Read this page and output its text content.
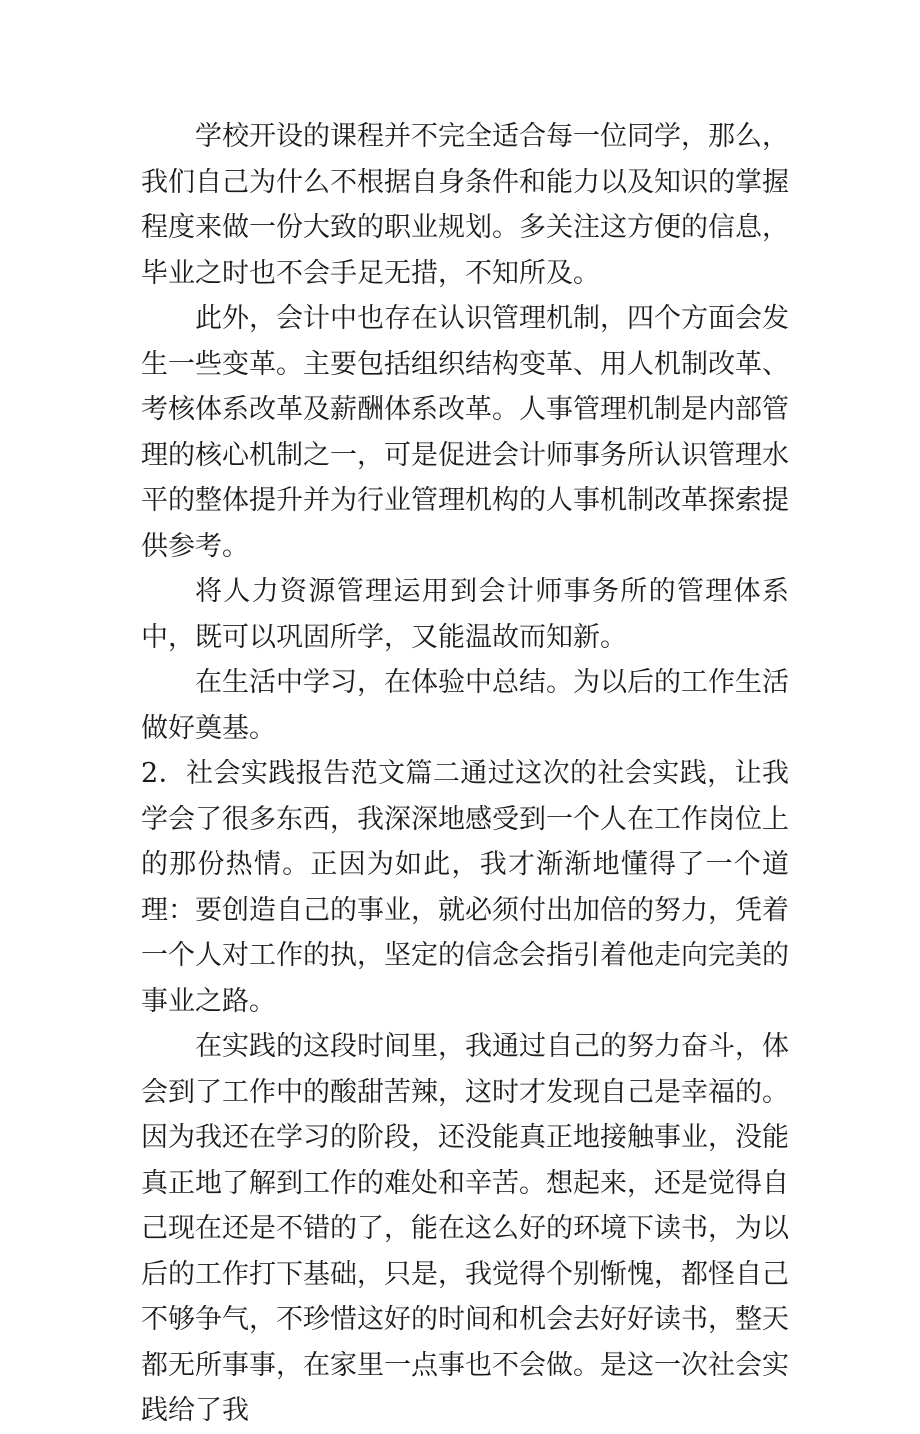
学校开设的课程并不完全适合每一位同学，那么，我们自己为什么不根据自身条件和能力以及知识的掌握程度来做一份大致的职业规划。多关注这方便的信息，毕业之时也不会手足无措，不知所及。

此外，会计中也存在认识管理机制，四个方面会发生一些变革。主要包括组织结构变革、用人机制改革、考核体系改革及薪酬体系改革。人事管理机制是内部管理的核心机制之一，可是促进会计师事务所认识管理水平的整体提升并为行业管理机构的人事机制改革探索提供参考。

将人力资源管理运用到会计师事务所的管理体系中，既可以巩固所学，又能温故而知新。

在生活中学习，在体验中总结。为以后的工作生活做好奠基。

2．社会实践报告范文篇二通过这次的社会实践，让我学会了很多东西，我深深地感受到一个人在工作岗位上的那份热情。正因为如此，我才渐渐地懂得了一个道理：要创造自己的事业，就必须付出加倍的努力，凭着一个人对工作的执，坚定的信念会指引着他走向完美的事业之路。

在实践的这段时间里，我通过自己的努力奋斗，体会到了工作中的酸甜苦辣，这时才发现自己是幸福的。因为我还在学习的阶段，还没能真正地接触事业，没能真正地了解到工作的难处和辛苦。想起来，还是觉得自己现在还是不错的了，能在这么好的环境下读书，为以后的工作打下基础，只是，我觉得个别惭愧，都怪自己不够争气，不珍惜这好的时间和机会去好好读书，整天都无所事事，在家里一点事也不会做。是这一次社会实践给了我
